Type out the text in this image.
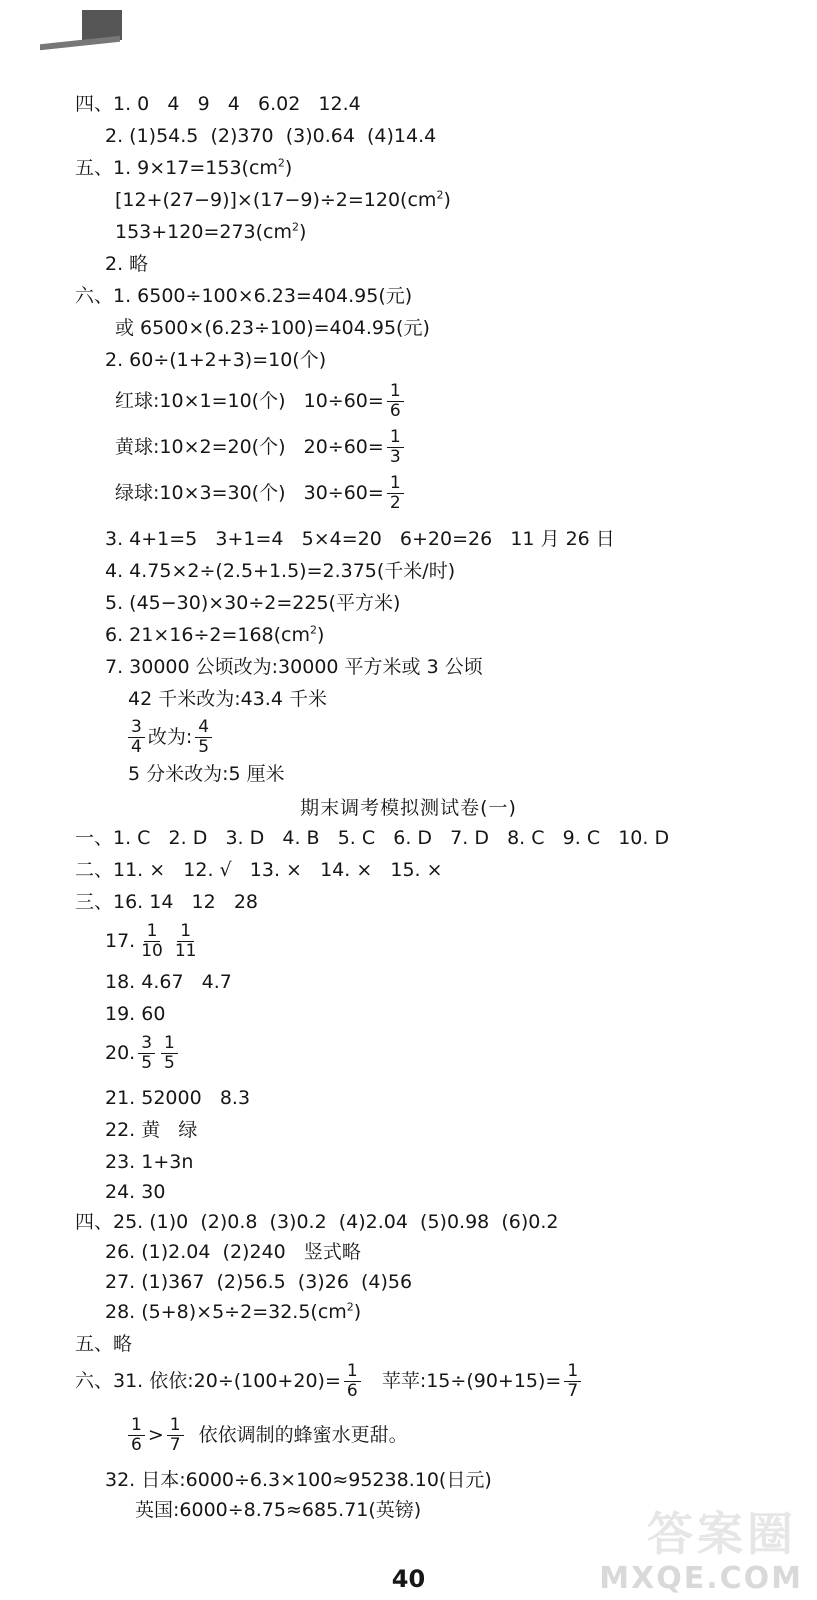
四、1. 0   4   9   4   6.02   12.4
2. (1)54.5  (2)370  (3)0.64  (4)14.4
五、1. $9\times 17=153(cm^2)$
$[12+(27-9)]\times(17-9)\div 2=120(cm^2)$
$153+120=273(cm^2)$
2. 略
六、1. 6500÷100×6.23=404.95(元)
或 6500×(6.23÷100)=404.95(元)
2. 60÷(1+2+3)=10(个)
红球:10×1=10(个)   $10\div 60= \frac{1}{6}$
黄球:10×2=20(个)   $20\div 60= \frac{1}{3}$
绿球:10×3=30(个)   $30\div 60= \frac{1}{2}$
3. 4+1=5   3+1=4   5×4=20   6+20=26   11 月 26 日
4. 4.75×2÷(2.5+1.5)=2.375(千米/时)
5. (45−30)×30÷2=225(平方米)
6. $21\times 16\div 2=168(cm^2)$
7. 30000 公顷改为:30000 平方米或 3 公顷
42 千米改为:43.4 千米
$\frac{3}{4}$ 改为: $\frac{4}{5}$
5 分米改为:5 厘米
期末调考模拟测试卷(一)
一、1. C   2. D   3. D   4. B   5. C   6. D   7. D   8. C   9. C   10. D
二、11. ×   12. √   13. ×   14. ×   15. ×
三、16. 14   12   28
17. $\frac{1}{10} \frac{1}{11}$
18. 4.67   4.7
19. 60
20. $\frac{3}{5} \frac{1}{5}$
21. 52000   8.3
22. 黄   绿
23. 1+3n
24. 30
四、25. (1)0  (2)0.8  (3)0.2  (4)2.04  (5)0.98  (6)0.2
26. (1)2.04  (2)240   竖式略
27. (1)367  (2)56.5  (3)26  (4)56
28. $(5+8)\times 5\div 2=32.5(cm^2)$
五、略
六、31. 依依:20÷(100+20)= $\frac{1}{6}$ 苹苹:15÷(90+15)= $\frac{1}{7}$
$\frac{1}{6} > \frac{1}{7}$ 依依调制的蜂蜜水更甜。
32. 日本:6000÷6.3×100≈95238.10(日元)
英国:6000÷8.75≈685.71(英镑)	答案圈
MXQE.COM
40
